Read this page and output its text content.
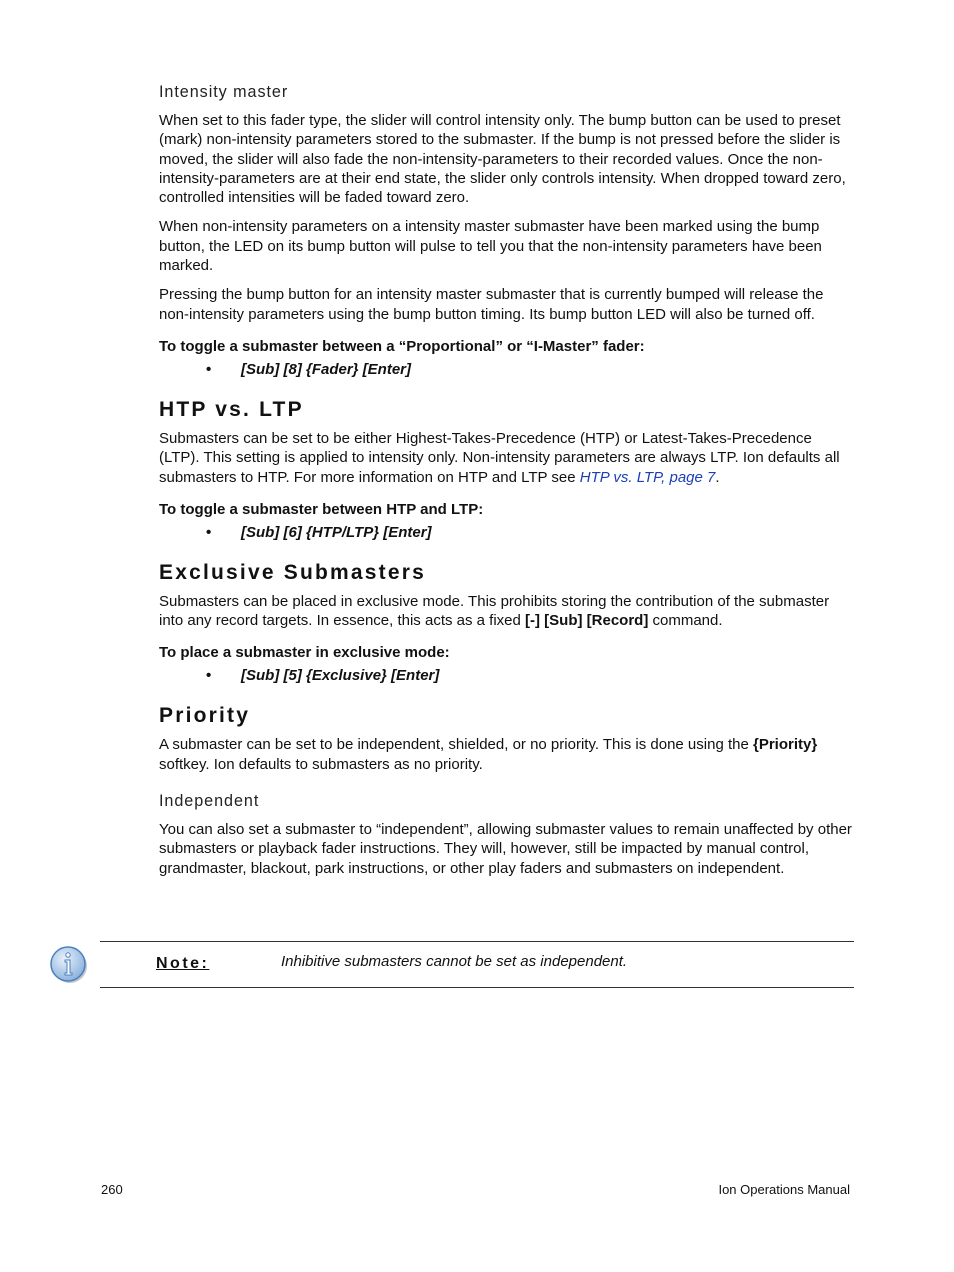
Intensity master

When set to this fader type, the slider will control intensity only. The bump button can be used to preset (mark) non-intensity parameters stored to the submaster. If the bump is not pressed before the slider is moved, the slider will also fade the non-intensity-parameters to their recorded values. Once the non-intensity-parameters are at their end state, the slider only controls intensity. When dropped toward zero, controlled intensities will be faded toward zero.

When non-intensity parameters on a intensity master submaster have been marked using the bump button, the LED on its bump button will pulse to tell you that the non-intensity parameters have been marked.

Pressing the bump button for an intensity master submaster that is currently bumped will release the non-intensity parameters using the bump button timing. Its bump button LED will also be turned off.

To toggle a submaster between a “Proportional” or “I-Master” fader:
• [Sub] [8] {Fader} [Enter]
HTP vs. LTP

Submasters can be set to be either Highest-Takes-Precedence (HTP) or Latest-Takes-Precedence (LTP). This setting is applied to intensity only. Non-intensity parameters are always LTP. Ion defaults all submasters to HTP. For more information on HTP and LTP see HTP vs. LTP, page 7.

To toggle a submaster between HTP and LTP:
• [Sub] [6] {HTP/LTP} [Enter]
Exclusive Submasters

Submasters can be placed in exclusive mode. This prohibits storing the contribution of the submaster into any record targets. In essence, this acts as a fixed [-] [Sub] [Record] command.

To place a submaster in exclusive mode:
• [Sub] [5] {Exclusive} [Enter]
Priority

A submaster can be set to be independent, shielded, or no priority. This is done using the {Priority} softkey. Ion defaults to submasters as no priority.

Independent

You can also set a submaster to “independent”, allowing submaster values to remain unaffected by other submasters or playback fader instructions. They will, however, still be impacted by manual control, grandmaster, blackout, park instructions, or other play faders and submasters on independent.

Note:	Inhibitive submasters cannot be set as independent.
260	Ion Operations Manual
